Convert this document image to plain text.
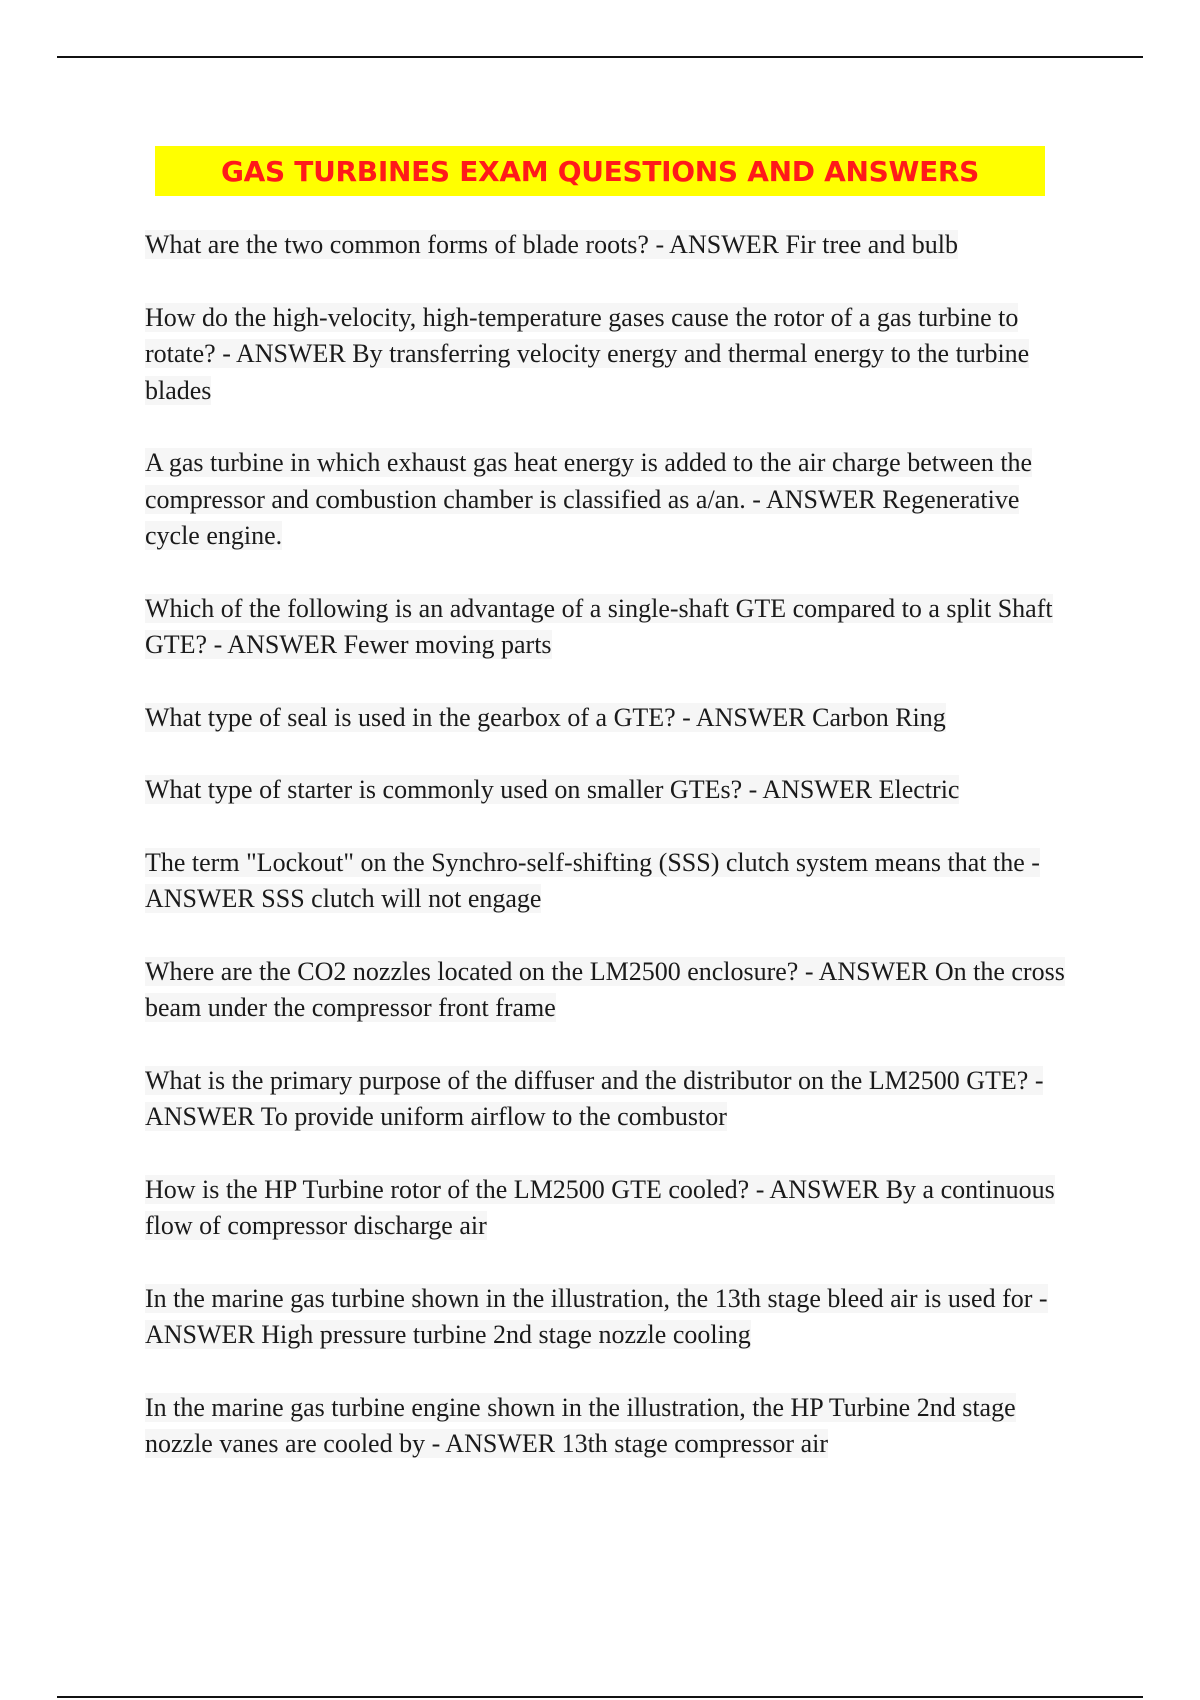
GAS TURBINES EXAM QUESTIONS AND ANSWERS
What are the two common forms of blade roots? - ANSWER Fir tree and bulb
How do the high-velocity, high-temperature gases cause the rotor of a gas turbine to rotate? - ANSWER By transferring velocity energy and thermal energy to the turbine blades
A gas turbine in which exhaust gas heat energy is added to the air charge between the compressor and combustion chamber is classified as a/an. - ANSWER Regenerative cycle engine.
Which of the following is an advantage of a single-shaft GTE compared to a split Shaft GTE? - ANSWER Fewer moving parts
What type of seal is used in the gearbox of a GTE? - ANSWER Carbon Ring
What type of starter is commonly used on smaller GTEs? - ANSWER Electric
The term "Lockout" on the Synchro-self-shifting (SSS) clutch system means that the - ANSWER SSS clutch will not engage
Where are the CO2 nozzles located on the LM2500 enclosure? - ANSWER On the cross beam under the compressor front frame
What is the primary purpose of the diffuser and the distributor on the LM2500 GTE? - ANSWER To provide uniform airflow to the combustor
How is the HP Turbine rotor of the LM2500 GTE cooled? - ANSWER By a continuous flow of compressor discharge air
In the marine gas turbine shown in the illustration, the 13th stage bleed air is used for - ANSWER High pressure turbine 2nd stage nozzle cooling
In the marine gas turbine engine shown in the illustration, the HP Turbine 2nd stage nozzle vanes are cooled by - ANSWER 13th stage compressor air
